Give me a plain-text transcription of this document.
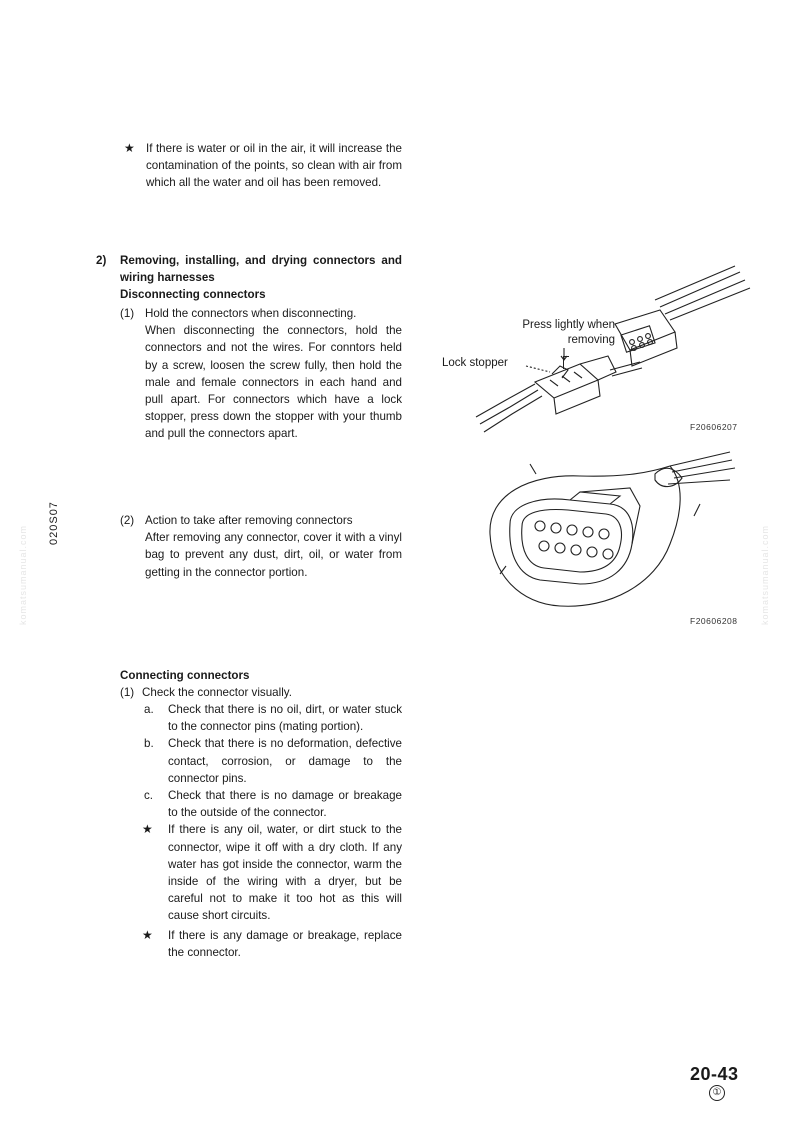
komatsumanual.com	komatsumanual.com
020S07
★ If there is water or oil in the air, it will increase the contamination of the points, so clean with air from which all the water and oil has been removed.
2) Removing, installing, and drying connectors and wiring harnesses
Disconnecting connectors
(1) Hold the connectors when disconnecting.
When disconnecting the connectors, hold the connectors and not the wires. For conntors held by a screw, loosen the screw fully, then hold the male and female connectors in each hand and pull apart. For connectors which have a lock stopper, press down the stopper with your thumb and pull the connectors apart.
(2) Action to take after removing connectors
After removing any connector, cover it with a vinyl bag to prevent any dust, dirt, oil, or water from getting in the connector portion.
Connecting connectors
(1) Check the connector visually.
a. Check that there is no oil, dirt, or water stuck to the connector pins (mating portion).
b. Check that there is no deformation, defective contact, corrosion, or damage to the connector pins.
c. Check that there is no damage or breakage to the outside of the connector.
★ If there is any oil, water, or dirt stuck to the connector, wipe it off with a dry cloth. If any water has got inside the connector, warm the inside of the wiring with a dryer, but be careful not to make it too hot as this will cause short circuits.
★ If there is any damage or breakage, replace the connector.
Press lightly when removing
Lock stopper
F20606207
F20606208
20-43
①
